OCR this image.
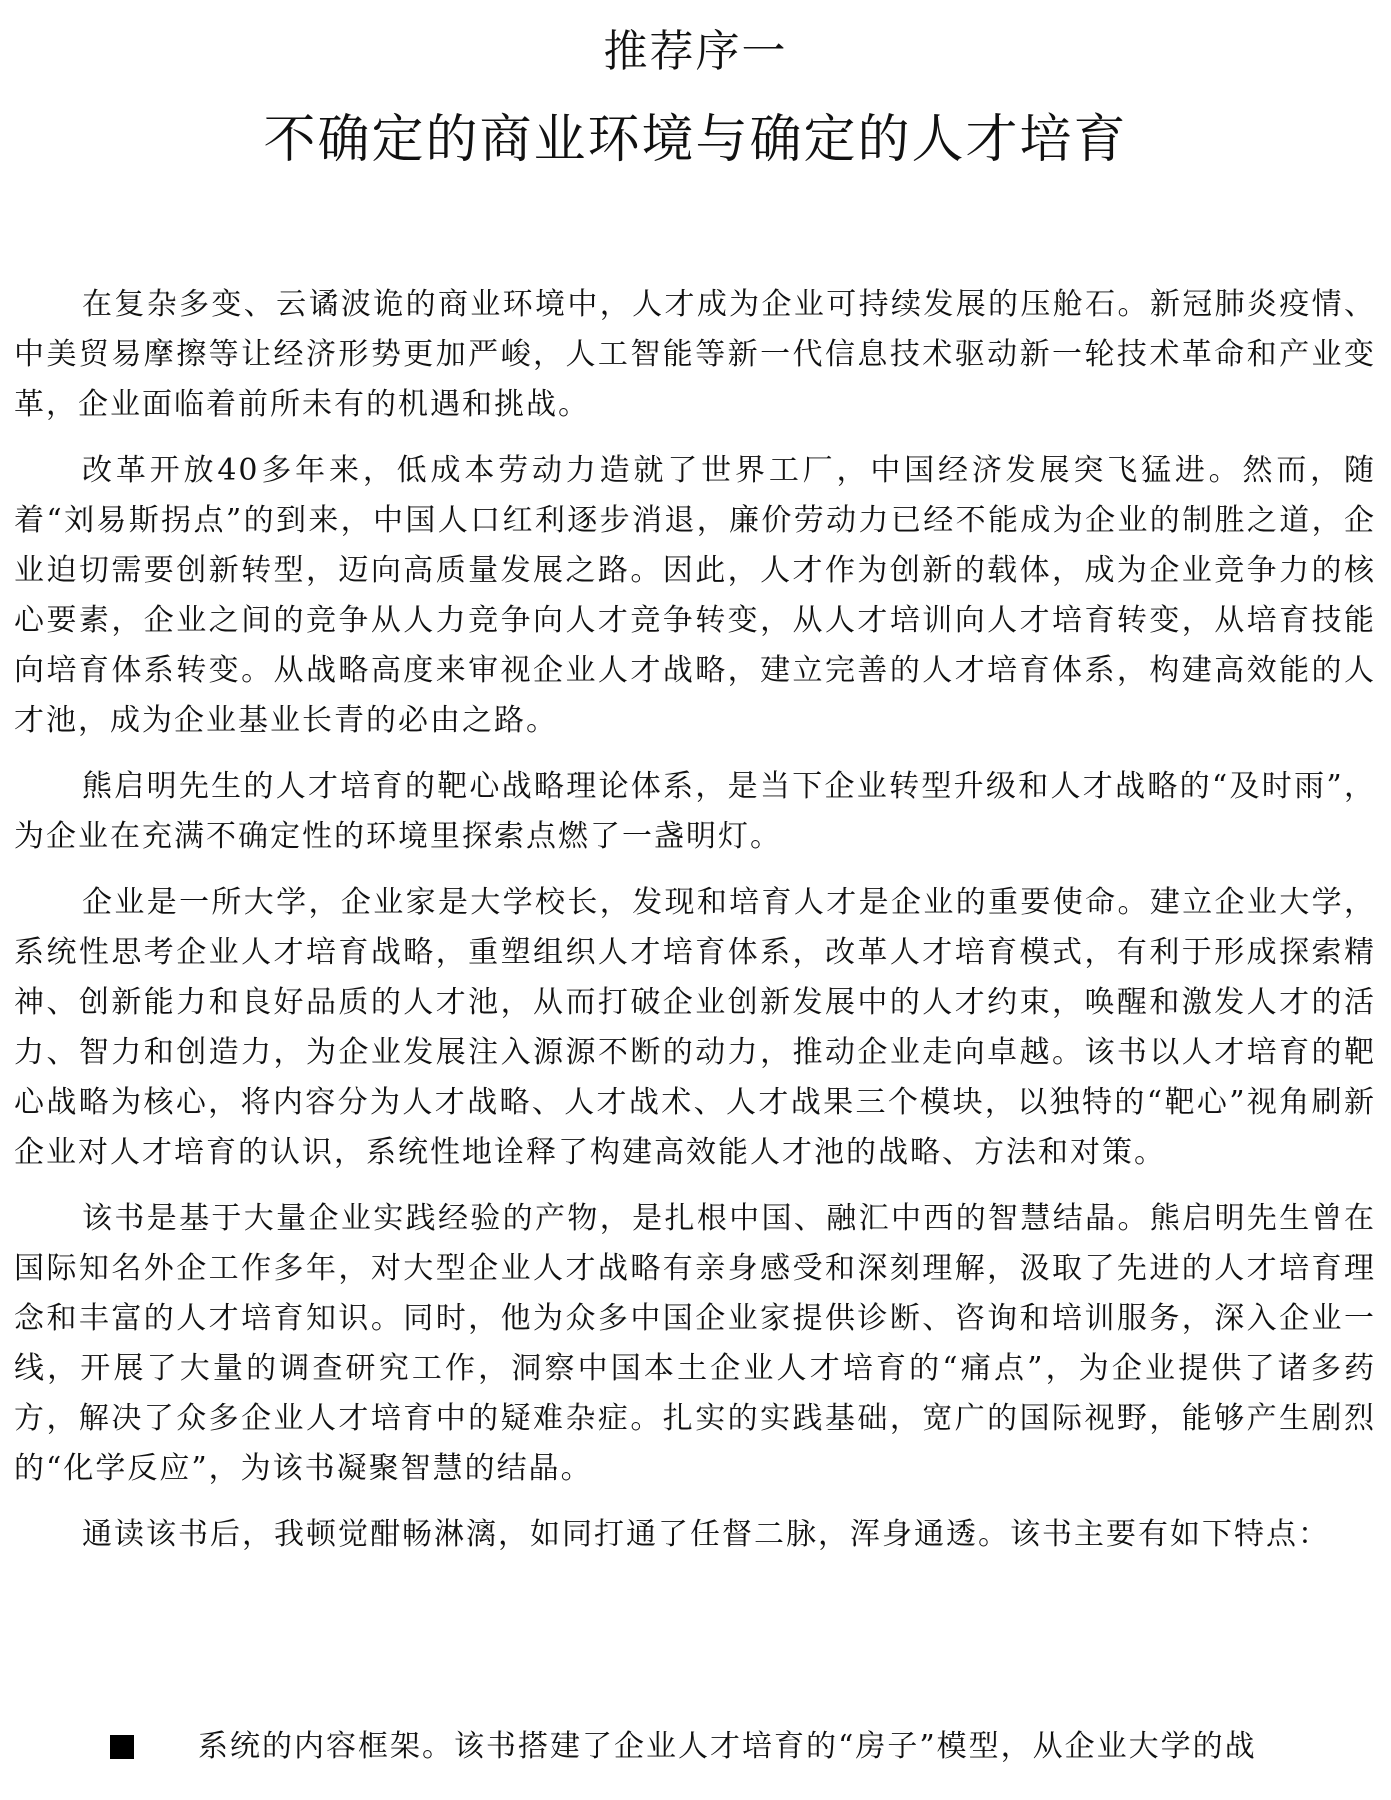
推荐序一
不确定的商业环境与确定的人才培育

在复杂多变、云谲波诡的商业环境中，人才成为企业可持续发展的压舱石。新冠肺炎疫情、中美贸易摩擦等让经济形势更加严峻，人工智能等新一代信息技术驱动新一轮技术革命和产业变革，企业面临着前所未有的机遇和挑战。

改革开放40多年来，低成本劳动力造就了世界工厂，中国经济发展突飞猛进。然而，随着“刘易斯拐点”的到来，中国人口红利逐步消退，廉价劳动力已经不能成为企业的制胜之道，企业迫切需要创新转型，迈向高质量发展之路。因此，人才作为创新的载体，成为企业竞争力的核心要素，企业之间的竞争从人力竞争向人才竞争转变，从人才培训向人才培育转变，从培育技能向培育体系转变。从战略高度来审视企业人才战略，建立完善的人才培育体系，构建高效能的人才池，成为企业基业长青的必由之路。

熊启明先生的人才培育的靶心战略理论体系，是当下企业转型升级和人才战略的“及时雨”，为企业在充满不确定性的环境里探索点燃了一盏明灯。

企业是一所大学，企业家是大学校长，发现和培育人才是企业的重要使命。建立企业大学，系统性思考企业人才培育战略，重塑组织人才培育体系，改革人才培育模式，有利于形成探索精神、创新能力和良好品质的人才池，从而打破企业创新发展中的人才约束，唤醒和激发人才的活力、智力和创造力，为企业发展注入源源不断的动力，推动企业走向卓越。该书以人才培育的靶心战略为核心，将内容分为人才战略、人才战术、人才战果三个模块，以独特的“靶心”视角刷新企业对人才培育的认识，系统性地诠释了构建高效能人才池的战略、方法和对策。

该书是基于大量企业实践经验的产物，是扎根中国、融汇中西的智慧结晶。熊启明先生曾在国际知名外企工作多年，对大型企业人才战略有亲身感受和深刻理解，汲取了先进的人才培育理念和丰富的人才培育知识。同时，他为众多中国企业家提供诊断、咨询和培训服务，深入企业一线，开展了大量的调查研究工作，洞察中国本土企业人才培育的“痛点”，为企业提供了诸多药方，解决了众多企业人才培育中的疑难杂症。扎实的实践基础，宽广的国际视野，能够产生剧烈的“化学反应”，为该书凝聚智慧的结晶。

通读该书后，我顿觉酣畅淋漓，如同打通了任督二脉，浑身通透。该书主要有如下特点：

系统的内容框架。该书搭建了企业人才培育的“房子”模型，从企业大学的战
